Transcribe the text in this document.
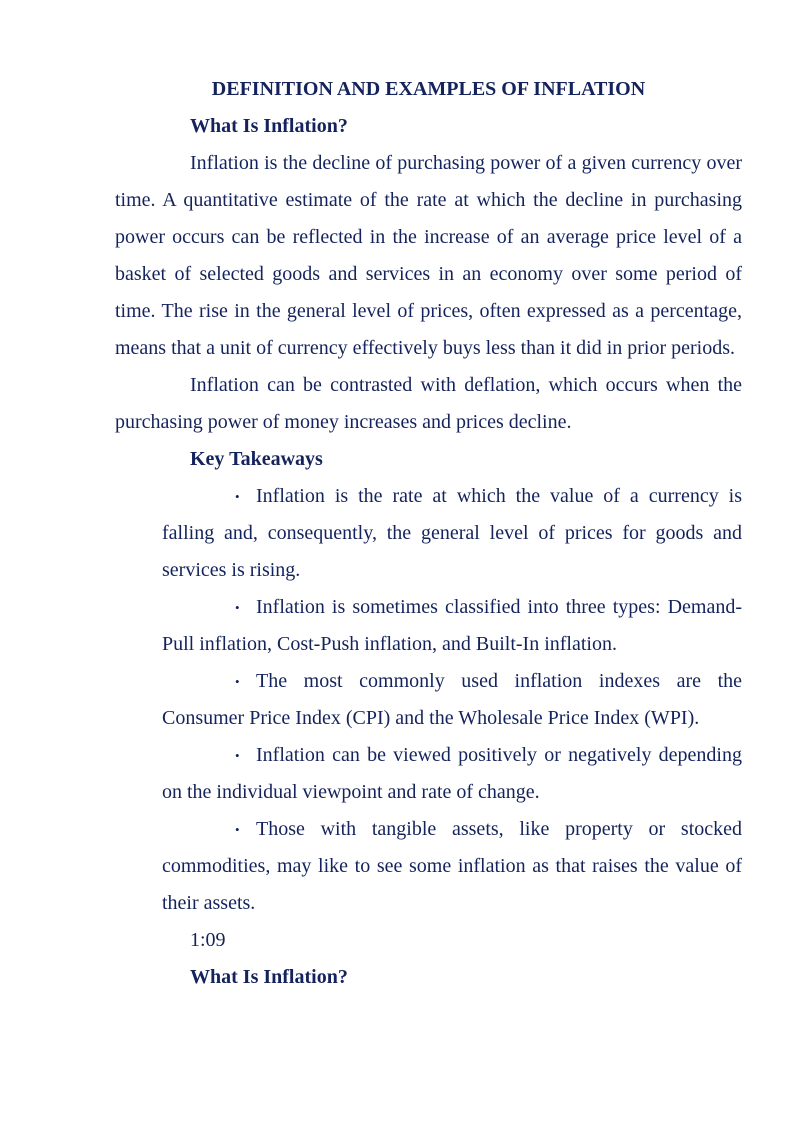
DEFINITION AND EXAMPLES OF INFLATION
What Is Inflation?

Inflation is the decline of purchasing power of a given currency over time. A quantitative estimate of the rate at which the decline in purchasing power occurs can be reflected in the increase of an average price level of a basket of selected goods and services in an economy over some period of time. The rise in the general level of prices, often expressed as a percentage, means that a unit of currency effectively buys less than it did in prior periods.

Inflation can be contrasted with deflation, which occurs when the purchasing power of money increases and prices decline.

Key Takeaways
• Inflation is the rate at which the value of a currency is falling and, consequently, the general level of prices for goods and services is rising.
• Inflation is sometimes classified into three types: Demand-Pull inflation, Cost-Push inflation, and Built-In inflation.
• The most commonly used inflation indexes are the Consumer Price Index (CPI) and the Wholesale Price Index (WPI).
• Inflation can be viewed positively or negatively depending on the individual viewpoint and rate of change.
• Those with tangible assets, like property or stocked commodities, may like to see some inflation as that raises the value of their assets.

1:09

What Is Inflation?
